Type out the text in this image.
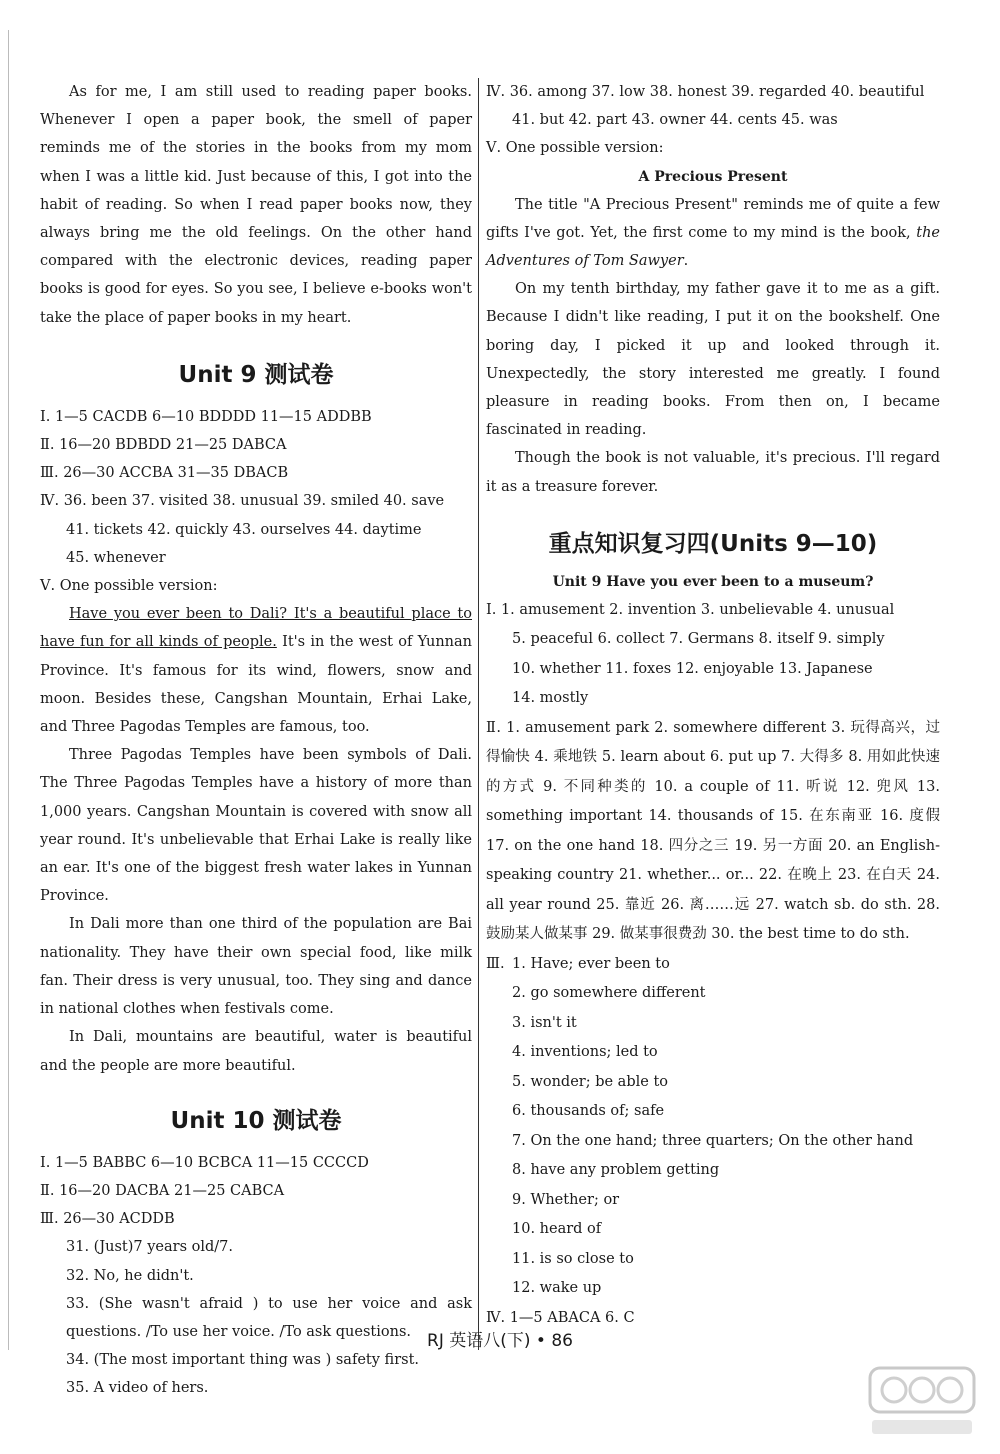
As for me, I am still used to reading paper books. Whenever I open a paper book, the smell of paper reminds me of the stories in the books from my mom when I was a little kid. Just because of this, I got into the habit of reading. So when I read paper books now, they always bring me the old feelings. On the other hand compared with the electronic devices, reading paper books is good for eyes. So you see, I believe e-books won't take the place of paper books in my heart.

Unit 9 测试卷

Ⅰ. 1—5 CACDB 6—10 BDDDD 11—15 ADDBB

Ⅱ. 16—20 BDBDD 21—25 DABCA

Ⅲ. 26—30 ACCBA 31—35 DBACB

Ⅳ. 36. been 37. visited 38. unusual 39. smiled 40. save

41. tickets 42. quickly 43. ourselves 44. daytime

45. whenever

Ⅴ. One possible version:

Have you ever been to Dali? It's a beautiful place to have fun for all kinds of people. It's in the west of Yunnan Province. It's famous for its wind, flowers, snow and moon. Besides these, Cangshan Mountain, Erhai Lake, and Three Pagodas Temples are famous, too.

Three Pagodas Temples have been symbols of Dali. The Three Pagodas Temples have a history of more than 1,000 years. Cangshan Mountain is covered with snow all year round. It's unbelievable that Erhai Lake is really like an ear. It's one of the biggest fresh water lakes in Yunnan Province.

In Dali more than one third of the population are Bai nationality. They have their own special food, like milk fan. Their dress is very unusual, too. They sing and dance in national clothes when festivals come.

In Dali, mountains are beautiful, water is beautiful and the people are more beautiful.

Unit 10 测试卷

Ⅰ. 1—5 BABBC 6—10 BCBCA 11—15 CCCCD

Ⅱ. 16—20 DACBA 21—25 CABCA

Ⅲ. 26—30 ACDDB

31. (Just)7 years old/7.

32. No, he didn't.

33. (She wasn't afraid ) to use her voice and ask questions. /To use her voice. /To ask questions.

34. (The most important thing was ) safety first.

35. A video of hers.

Ⅳ. 36. among 37. low 38. honest 39. regarded 40. beautiful

41. but 42. part 43. owner 44. cents 45. was

Ⅴ. One possible version:

A Precious Present

The title "A Precious Present" reminds me of quite a few gifts I've got. Yet, the first come to my mind is the book, the Adventures of Tom Sawyer.

On my tenth birthday, my father gave it to me as a gift. Because I didn't like reading, I put it on the bookshelf. One boring day, I picked it up and looked through it. Unexpectedly, the story interested me greatly. I found pleasure in reading books. From then on, I became fascinated in reading.

Though the book is not valuable, it's precious. I'll regard it as a treasure forever.

重点知识复习四(Units 9—10)

Unit 9 Have you ever been to a museum?

Ⅰ. 1. amusement 2. invention 3. unbelievable 4. unusual

5. peaceful 6. collect 7. Germans 8. itself 9. simply

10. whether 11. foxes 12. enjoyable 13. Japanese

14. mostly

Ⅱ. 1. amusement park 2. somewhere different 3. 玩得高兴，过得愉快 4. 乘地铁 5. learn about 6. put up 7. 大得多 8. 用如此快速的方式 9. 不同种类的 10. a couple of 11. 听说 12. 兜风 13. something important 14. thousands of 15. 在东南亚 16. 度假 17. on the one hand 18. 四分之三 19. 另一方面 20. an English-speaking country 21. whether... or... 22. 在晚上 23. 在白天 24. all year round 25. 靠近 26. 离……远 27. watch sb. do sth. 28. 鼓励某人做某事 29. 做某事很费劲 30. the best time to do sth.

Ⅲ. 1. Have; ever been to

2. go somewhere different

3. isn't it

4. inventions; led to

5. wonder; be able to

6. thousands of; safe

7. On the one hand; three quarters; On the other hand

8. have any problem getting

9. Whether; or

10. heard of

11. is so close to

12. wake up

Ⅳ. 1—5 ABACA 6. C

RJ 英语八(下) • 86
